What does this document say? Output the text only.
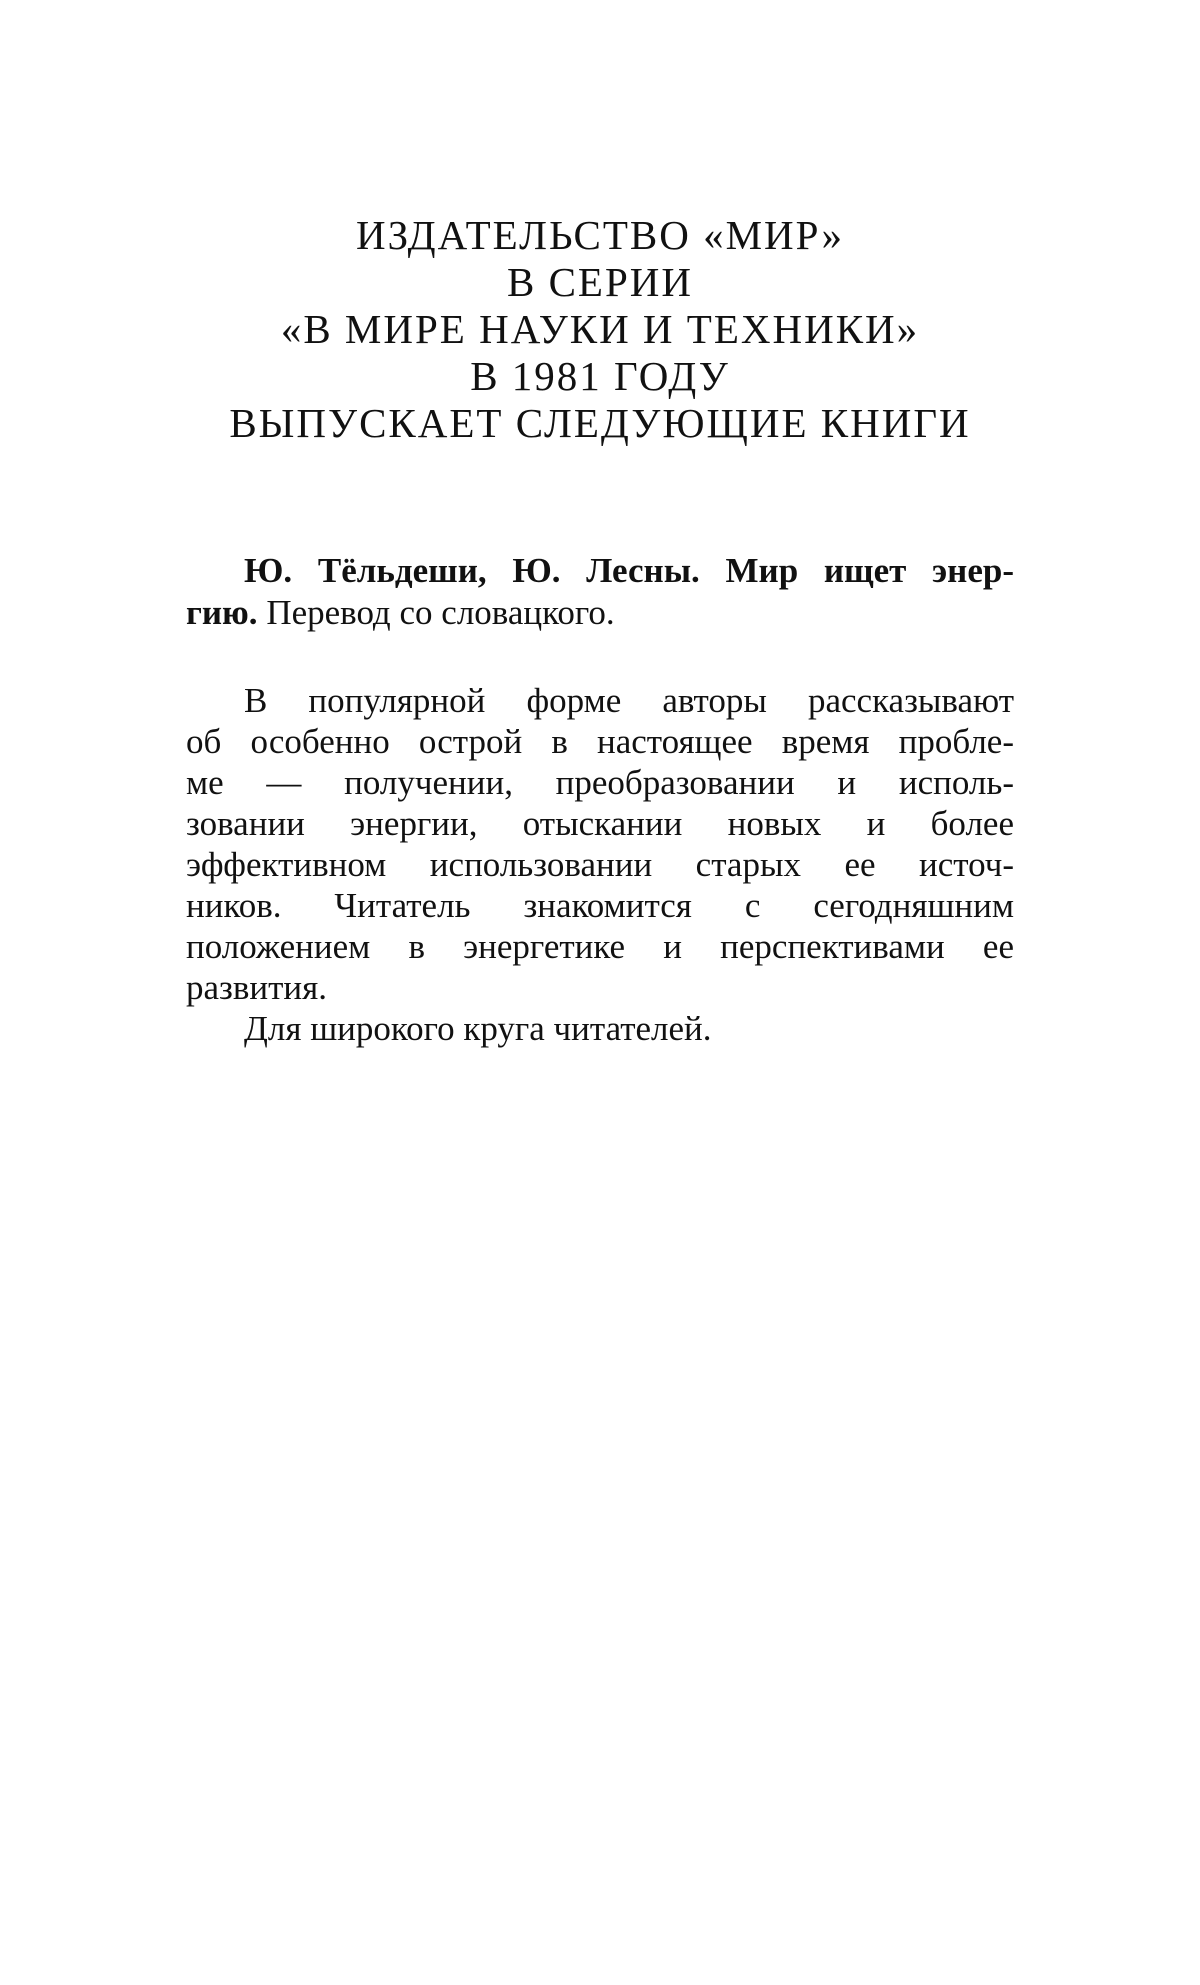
ИЗДАТЕЛЬСТВО «МИР»
В СЕРИИ
«В МИРЕ НАУКИ И ТЕХНИКИ»
В 1981 ГОДУ
ВЫПУСКАЕТ СЛЕДУЮЩИЕ КНИГИ
Ю. Тёльдеши, Ю. Лесны. Мир ищет энер-
гию. Перевод со словацкого.
В популярной форме авторы рассказывают
об особенно острой в настоящее время пробле-
ме — получении, преобразовании и исполь-
зовании энергии, отыскании новых и более
эффективном использовании старых ее источ-
ников. Читатель знакомится с сегодняшним
положением в энергетике и перспективами ее
развития.
Для широкого круга читателей.
